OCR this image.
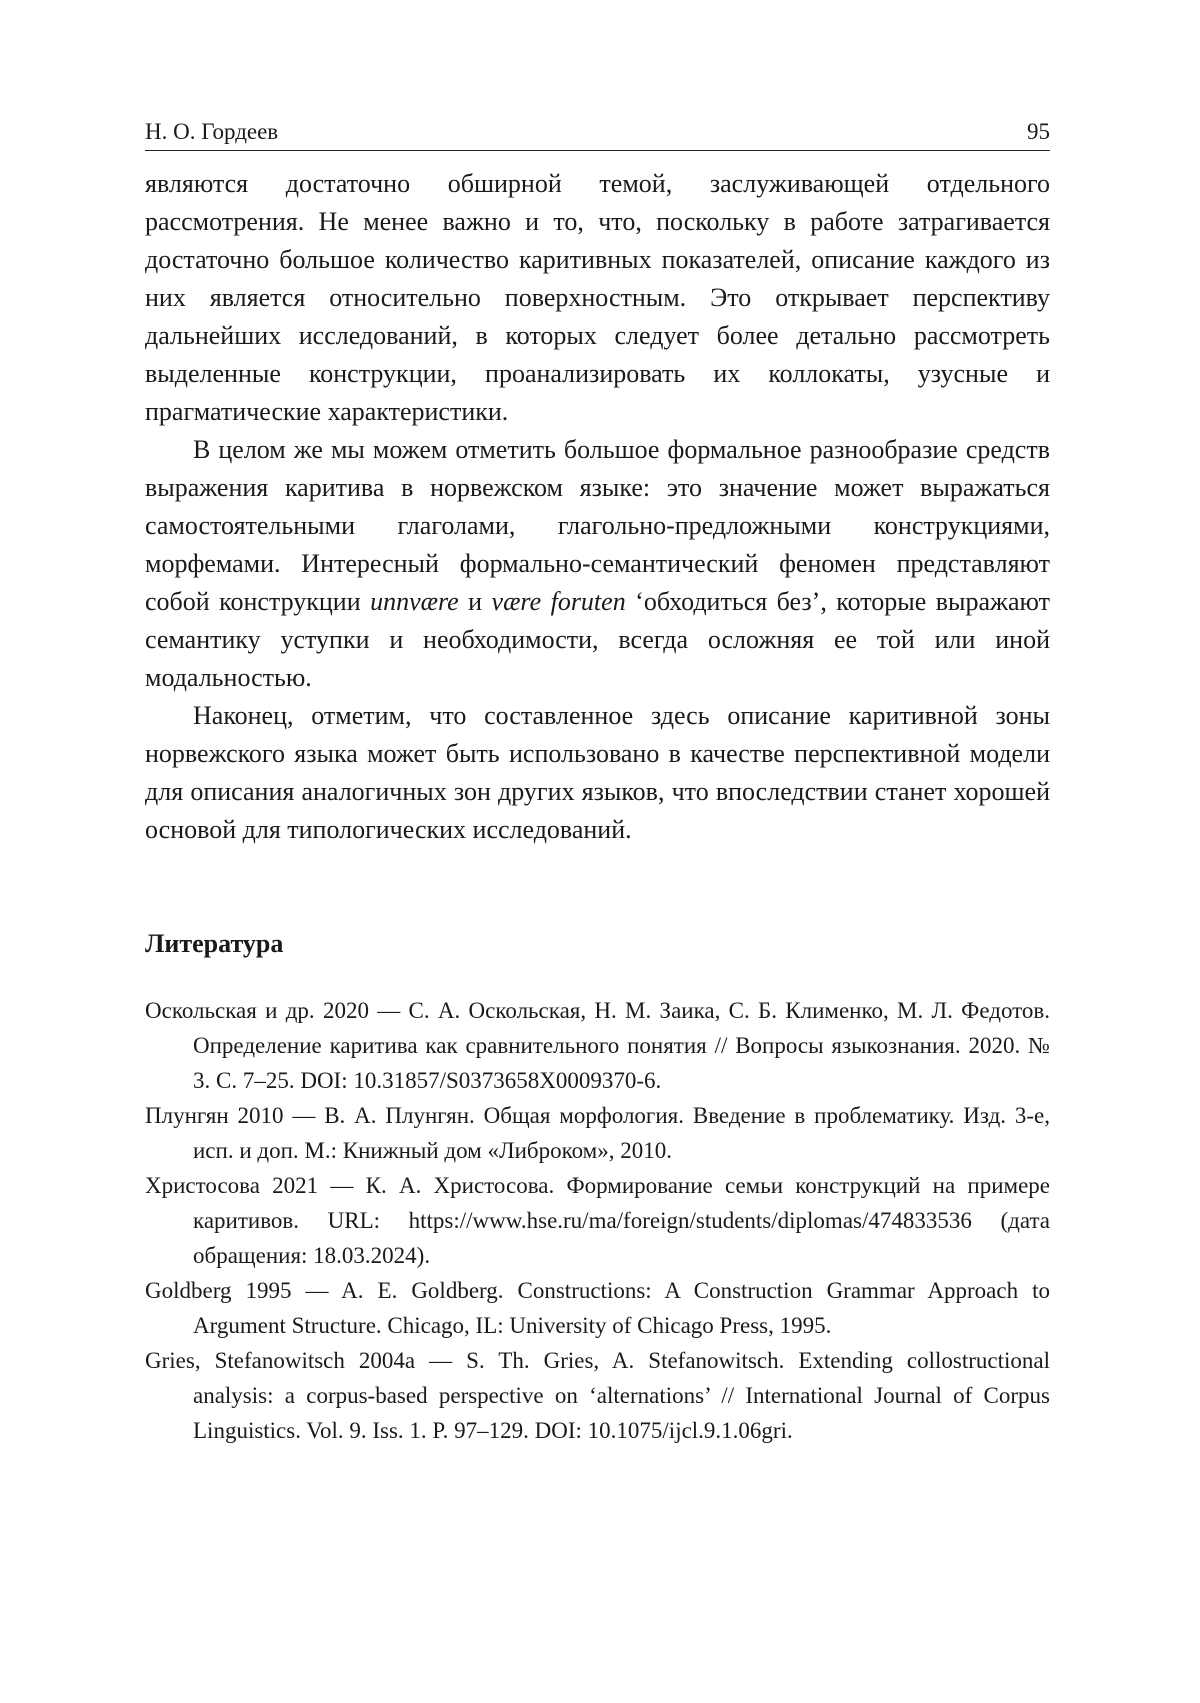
Н. О. Гордеев	95

являются достаточно обширной темой, заслуживающей отдельного рассмотрения. Не менее важно и то, что, поскольку в работе затрагивается достаточно большое количество каритивных показателей, описание каждого из них является относительно поверхностным. Это открывает перспективу дальнейших исследований, в которых следует более детально рассмотреть выделенные конструкции, проанализировать их коллокаты, узусные и прагматические характеристики.

В целом же мы можем отметить большое формальное разнообразие средств выражения каритива в норвежском языке: это значение может выражаться самостоятельными глаголами, глагольно-предложными конструкциями, морфемами. Интересный формально-семантический феномен представляют собой конструкции unnvære и være foruten ‘обходиться без’, которые выражают семантику уступки и необходимости, всегда осложняя ее той или иной модальностью.

Наконец, отметим, что составленное здесь описание каритивной зоны норвежского языка может быть использовано в качестве перспективной модели для описания аналогичных зон других языков, что впоследствии станет хорошей основой для типологических исследований.

Литература

Оскольская и др. 2020 — С. А. Оскольская, Н. М. Заика, С. Б. Клименко, М. Л. Федотов. Определение каритива как сравнительного понятия // Вопросы языкознания. 2020. № 3. С. 7–25. DOI: 10.31857/S0373658X0009370-6.

Плунгян 2010 — В. А. Плунгян. Общая морфология. Введение в проблематику. Изд. 3-е, исп. и доп. М.: Книжный дом «Либроком», 2010.

Христосова 2021 — К. А. Христосова. Формирование семьи конструкций на примере каритивов. URL: https://www.hse.ru/ma/foreign/students/diplomas/474833536 (дата обращения: 18.03.2024).

Goldberg 1995 — A. E. Goldberg. Constructions: A Construction Grammar Approach to Argument Structure. Chicago, IL: University of Chicago Press, 1995.

Gries, Stefanowitsch 2004a — S. Th. Gries, A. Stefanowitsch. Extending collostructional analysis: a corpus-based perspective on ‘alternations’ // International Journal of Corpus Linguistics. Vol. 9. Iss. 1. P. 97–129. DOI: 10.1075/ijcl.9.1.06gri.
